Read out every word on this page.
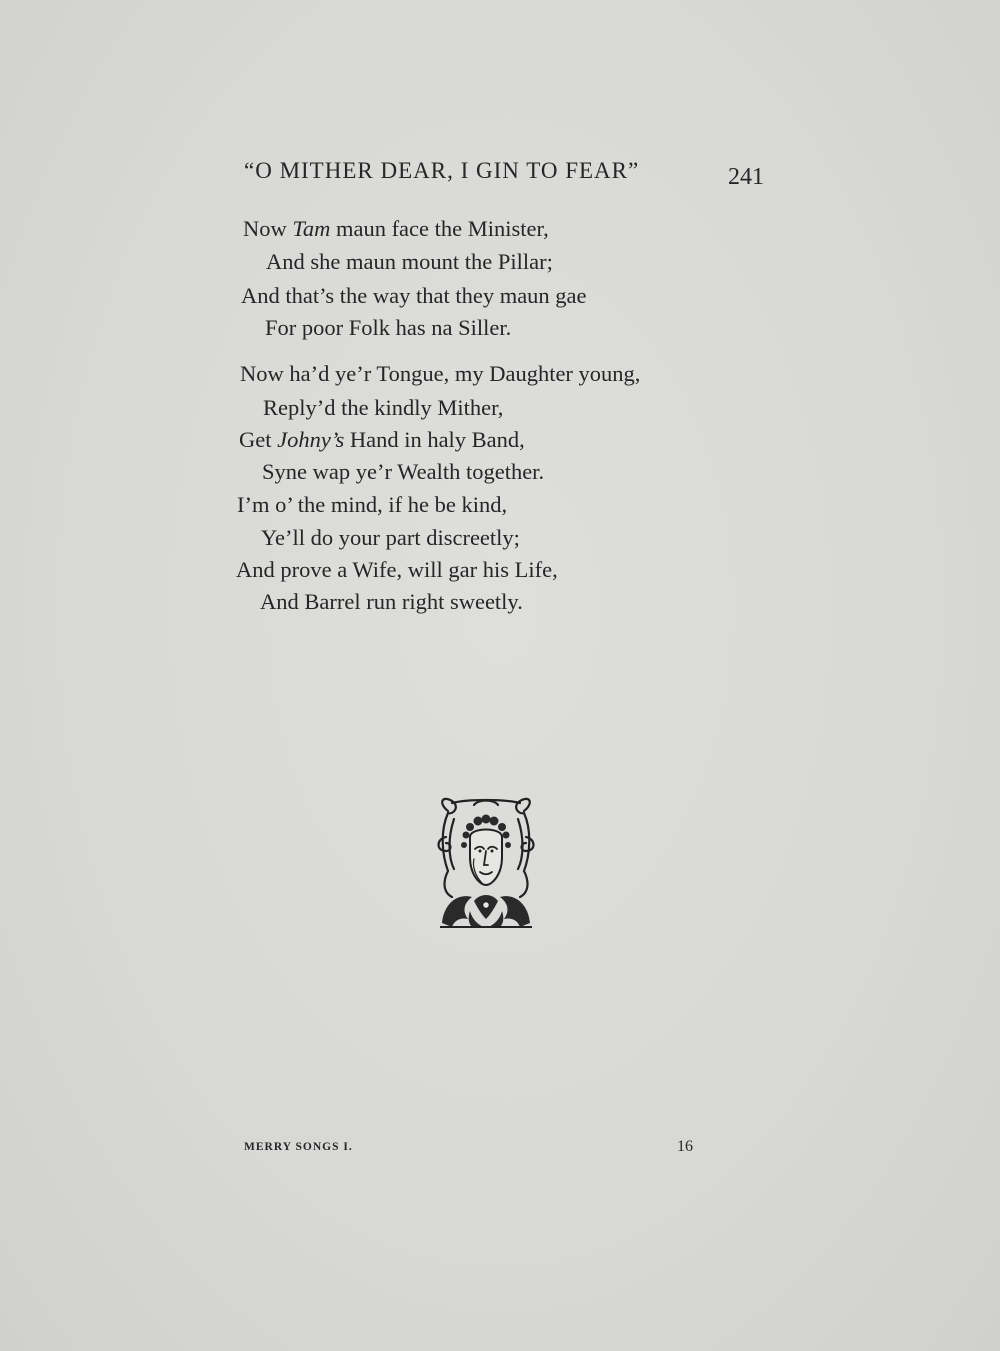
“O MITHER DEAR, I GIN TO FEAR”	241
Now Tam maun face the Minister,
And she maun mount the Pillar;
And that’s the way that they maun gae
For poor Folk has na Siller.
Now ha’d ye’r Tongue, my Daughter young,
Reply’d the kindly Mither,
Get Johny’s Hand in haly Band,
Syne wap ye’r Wealth together.
I’m o’ the mind, if he be kind,
Ye’ll do your part discreetly;
And prove a Wife, will gar his Life,
And Barrel run right sweetly.
MERRY SONGS I.	16
